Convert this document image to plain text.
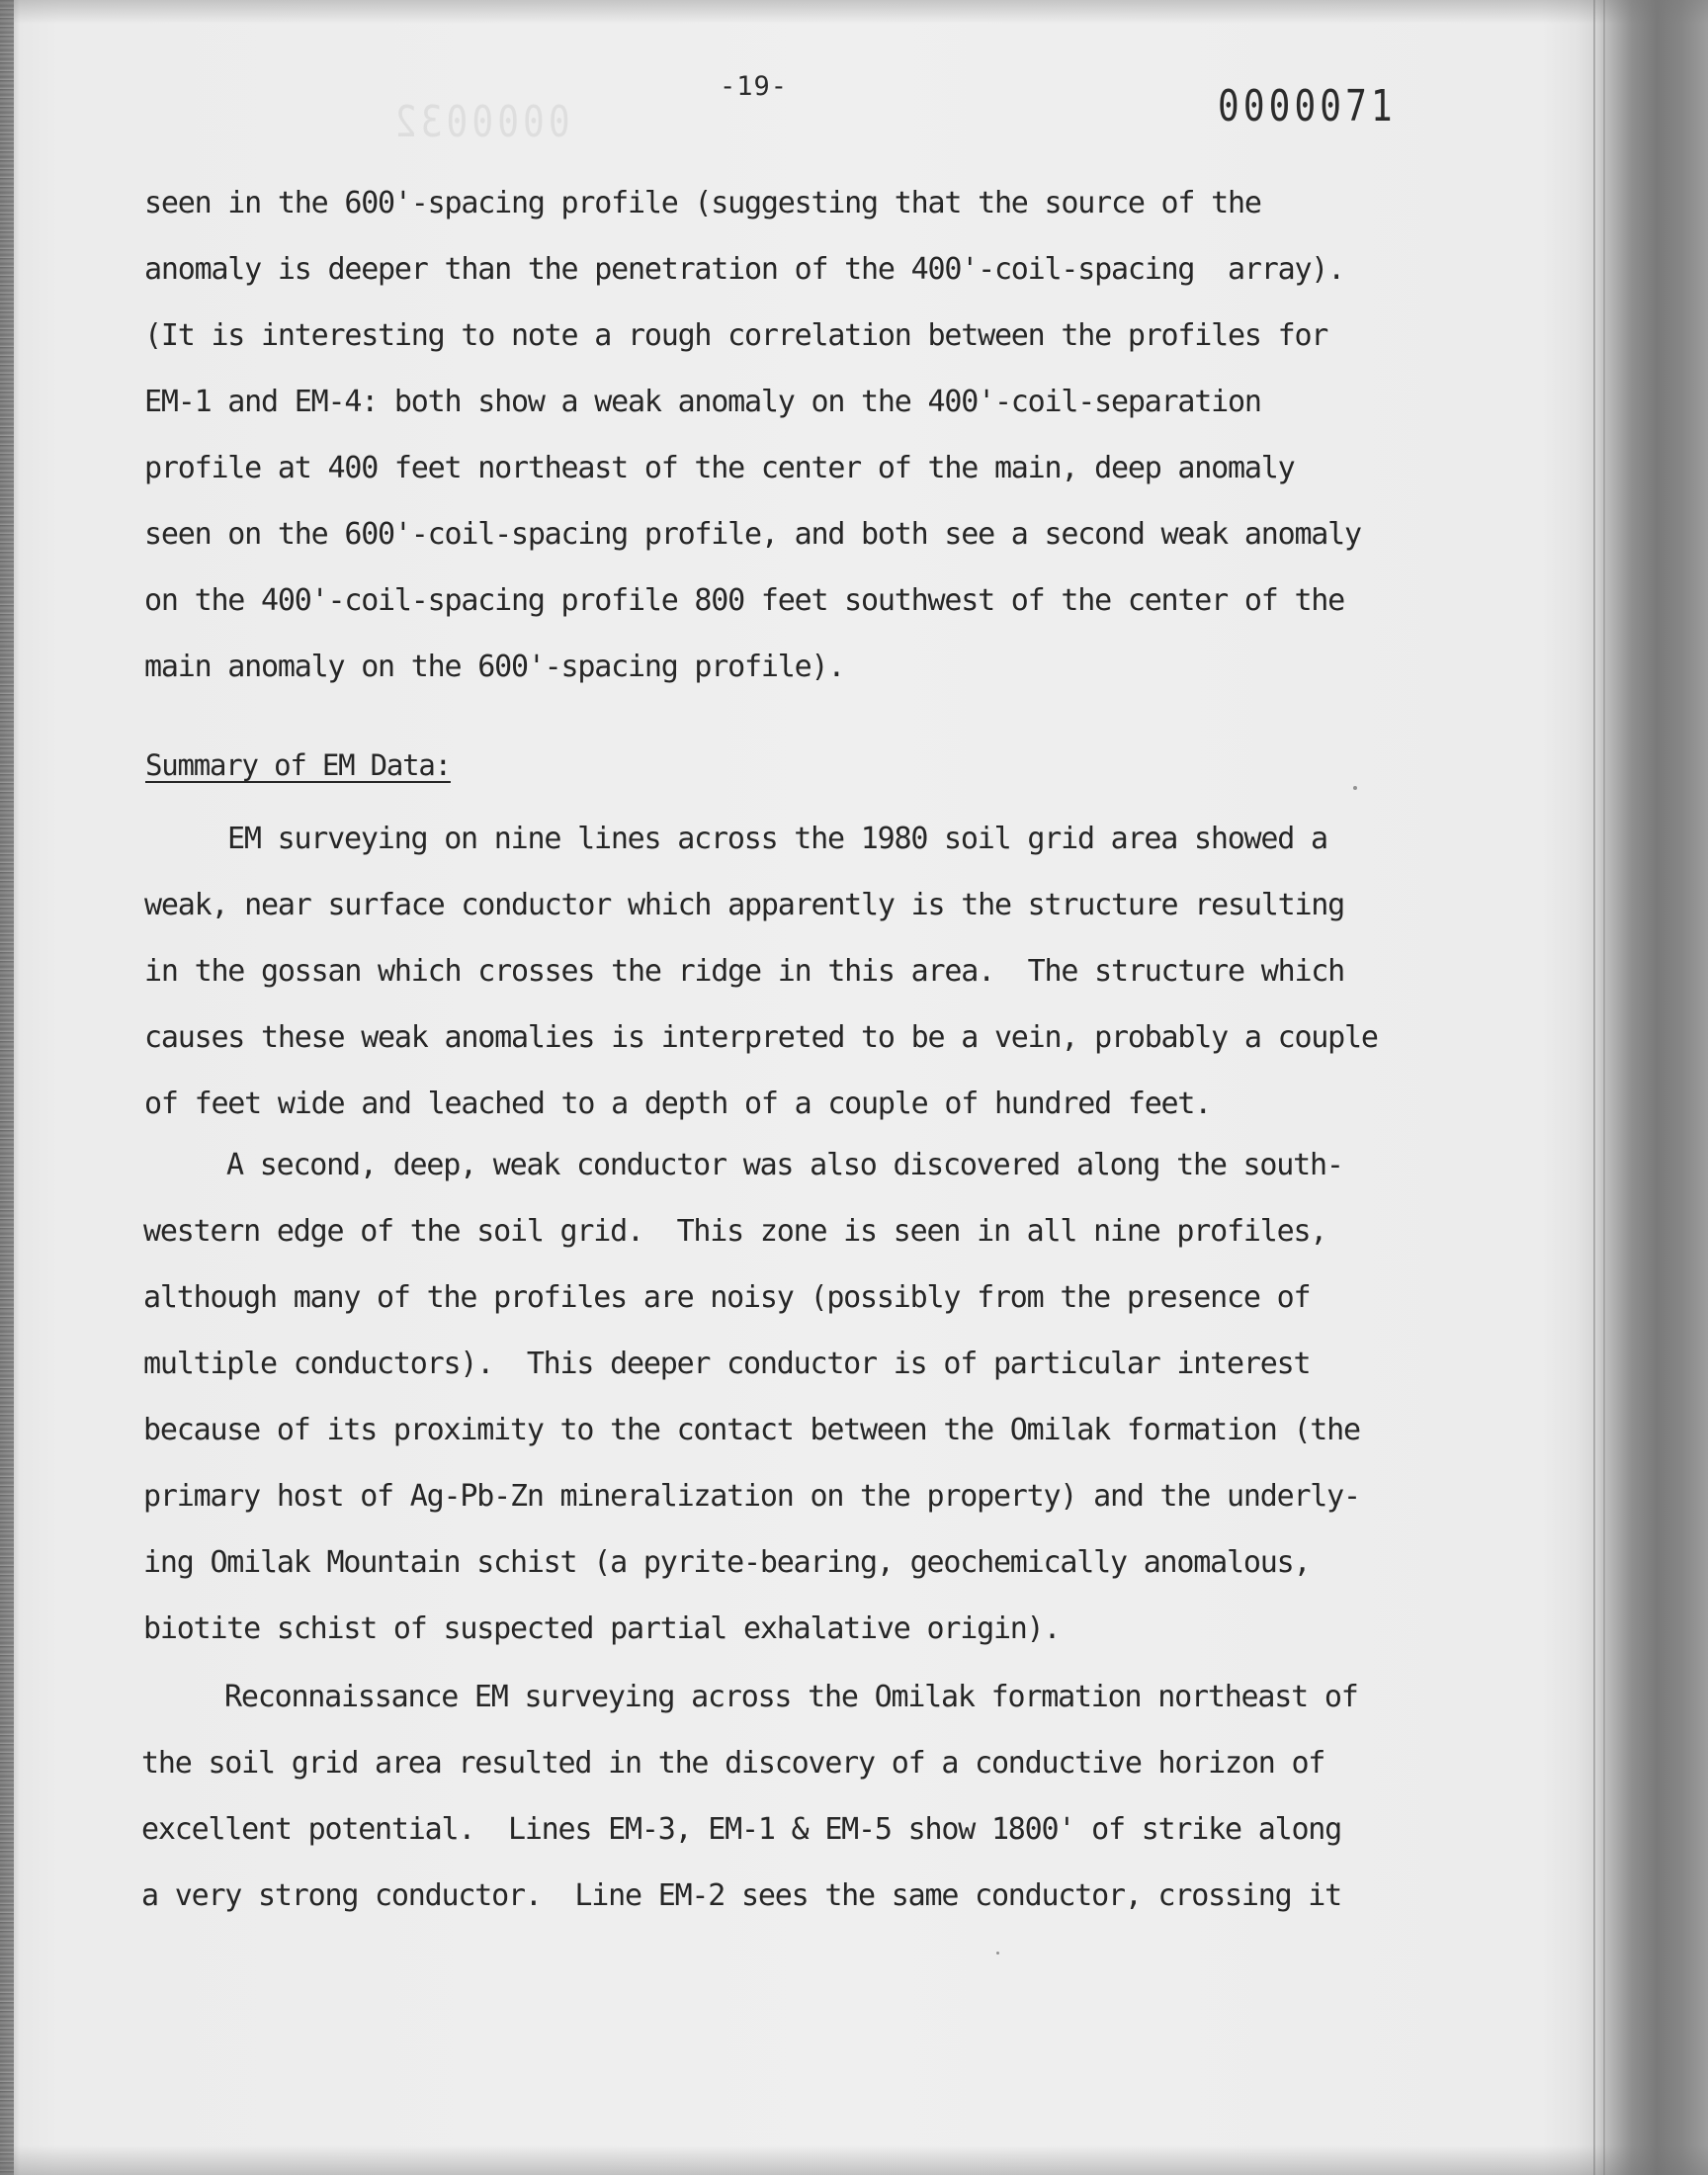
0000032
-19-	0000071
seen in the 600'-spacing profile (suggesting that the source of the
anomaly is deeper than the penetration of the 400'-coil-spacing  array).
(It is interesting to note a rough correlation between the profiles for
EM-1 and EM-4: both show a weak anomaly on the 400'-coil-separation
profile at 400 feet northeast of the center of the main, deep anomaly
seen on the 600'-coil-spacing profile, and both see a second weak anomaly
on the 400'-coil-spacing profile 800 feet southwest of the center of the
main anomaly on the 600'-spacing profile).
Summary of EM Data:
EM surveying on nine lines across the 1980 soil grid area showed a
weak, near surface conductor which apparently is the structure resulting
in the gossan which crosses the ridge in this area.  The structure which
causes these weak anomalies is interpreted to be a vein, probably a couple
of feet wide and leached to a depth of a couple of hundred feet.
A second, deep, weak conductor was also discovered along the south-
western edge of the soil grid.  This zone is seen in all nine profiles,
although many of the profiles are noisy (possibly from the presence of
multiple conductors).  This deeper conductor is of particular interest
because of its proximity to the contact between the Omilak formation (the
primary host of Ag-Pb-Zn mineralization on the property) and the underly-
ing Omilak Mountain schist (a pyrite-bearing, geochemically anomalous,
biotite schist of suspected partial exhalative origin).
Reconnaissance EM surveying across the Omilak formation northeast of
the soil grid area resulted in the discovery of a conductive horizon of
excellent potential.  Lines EM-3, EM-1 & EM-5 show 1800' of strike along
a very strong conductor.  Line EM-2 sees the same conductor, crossing it
